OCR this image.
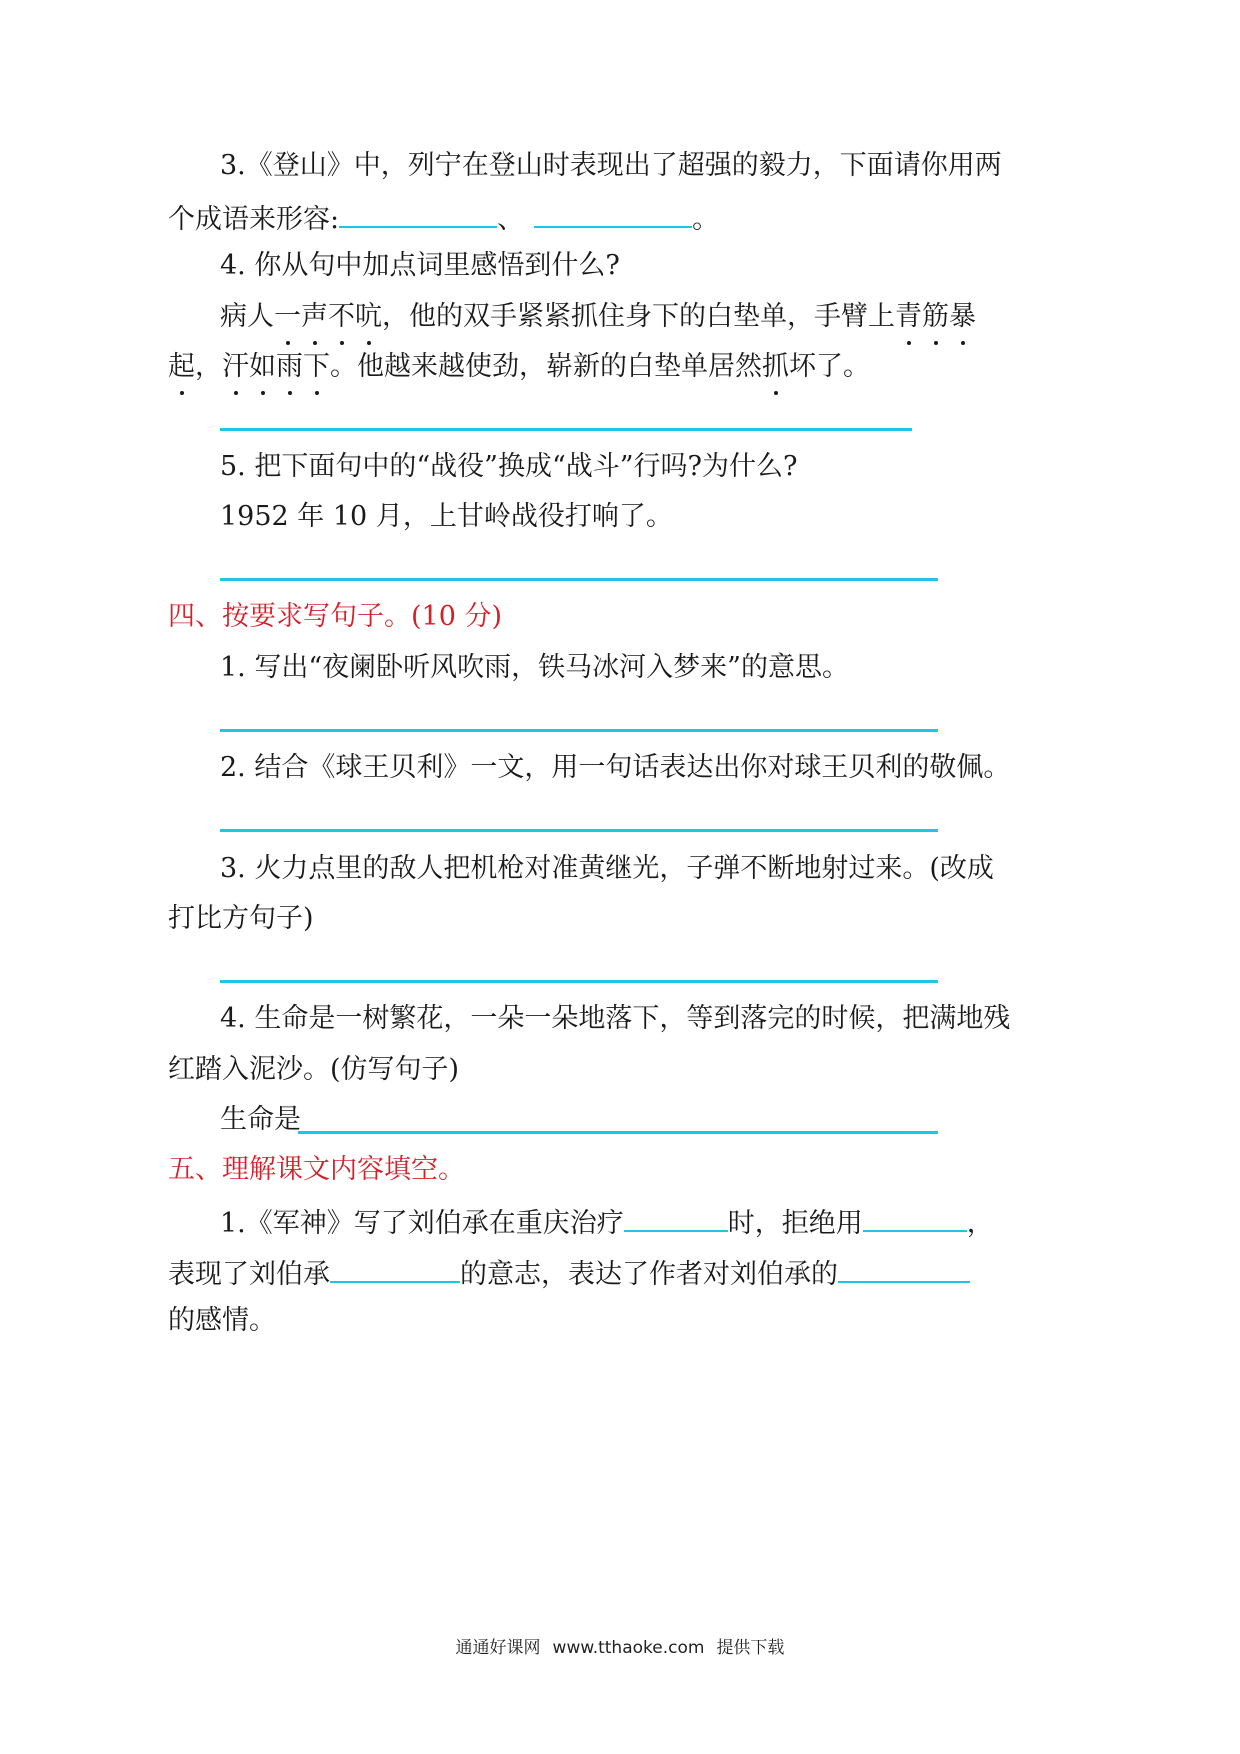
3.《登山》中，列宁在登山时表现出了超强的毅力，下面请你用两
个成语来形容:	、	。
4. 你从句中加点词里感悟到什么?
病人一声不吭，他的双手紧紧抓住身下的白垫单，手臂上青筋暴
起，汗如雨下。他越来越使劲，崭新的白垫单居然抓坏了。
5. 把下面句中的“战役”换成“战斗”行吗?为什么?
1952 年 10 月，上甘岭战役打响了。
四、按要求写句子。(10 分)
1. 写出“夜阑卧听风吹雨，铁马冰河入梦来”的意思。
2. 结合《球王贝利》一文，用一句话表达出你对球王贝利的敬佩。
3. 火力点里的敌人把机枪对准黄继光，子弹不断地射过来。(改成
打比方句子)
4. 生命是一树繁花，一朵一朵地落下，等到落完的时候，把满地残
红踏入泥沙。(仿写句子)
生命是
五、理解课文内容填空。
1.《军神》写了刘伯承在重庆治疗	时，拒绝用	，
表现了刘伯承	的意志，表达了作者对刘伯承的
的感情。
通通好课网 www.tthaoke.com 提供下载
